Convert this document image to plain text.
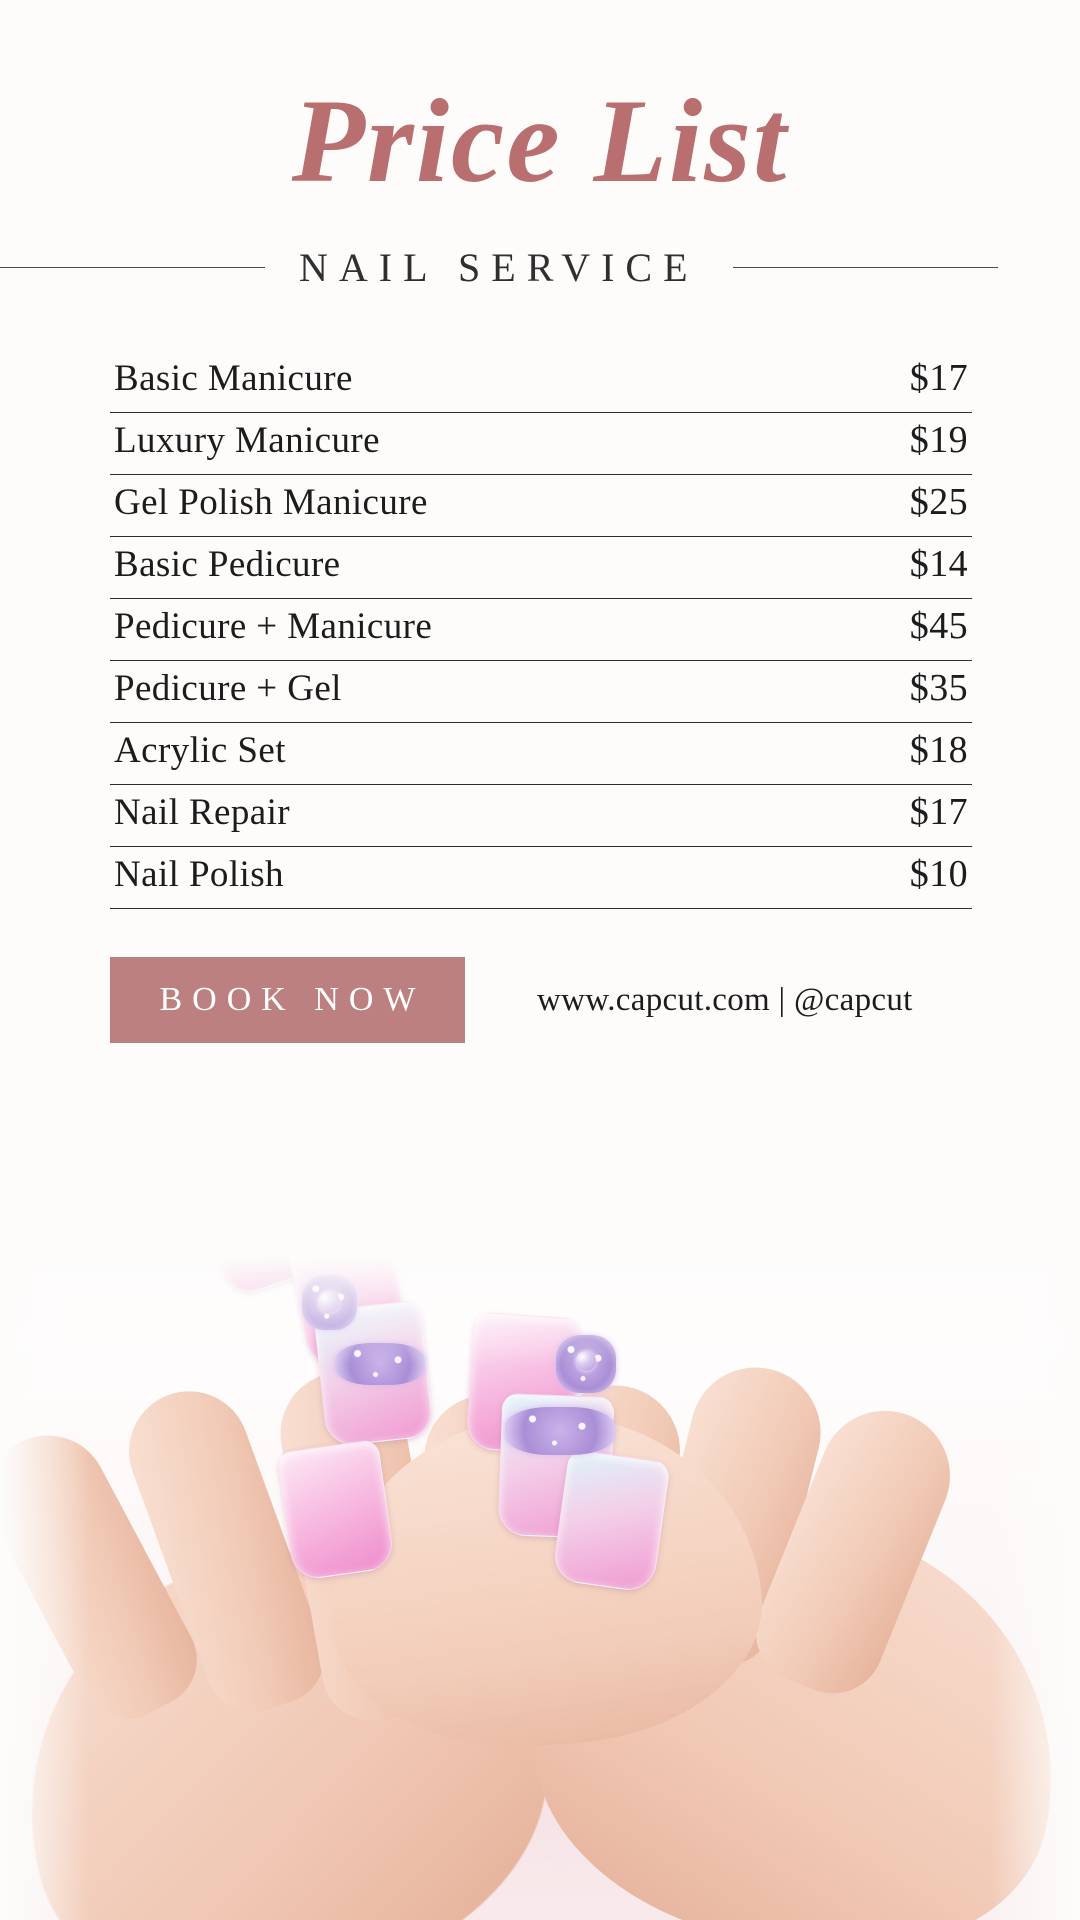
Price List
NAIL SERVICE
Basic Manicure	$17
Luxury Manicure	$19
Gel Polish Manicure	$25
Basic Pedicure	$14
Pedicure + Manicure	$45
Pedicure + Gel	$35
Acrylic Set	$18
Nail Repair	$17
Nail Polish	$10
BOOK NOW	www.capcut.com | @capcut
